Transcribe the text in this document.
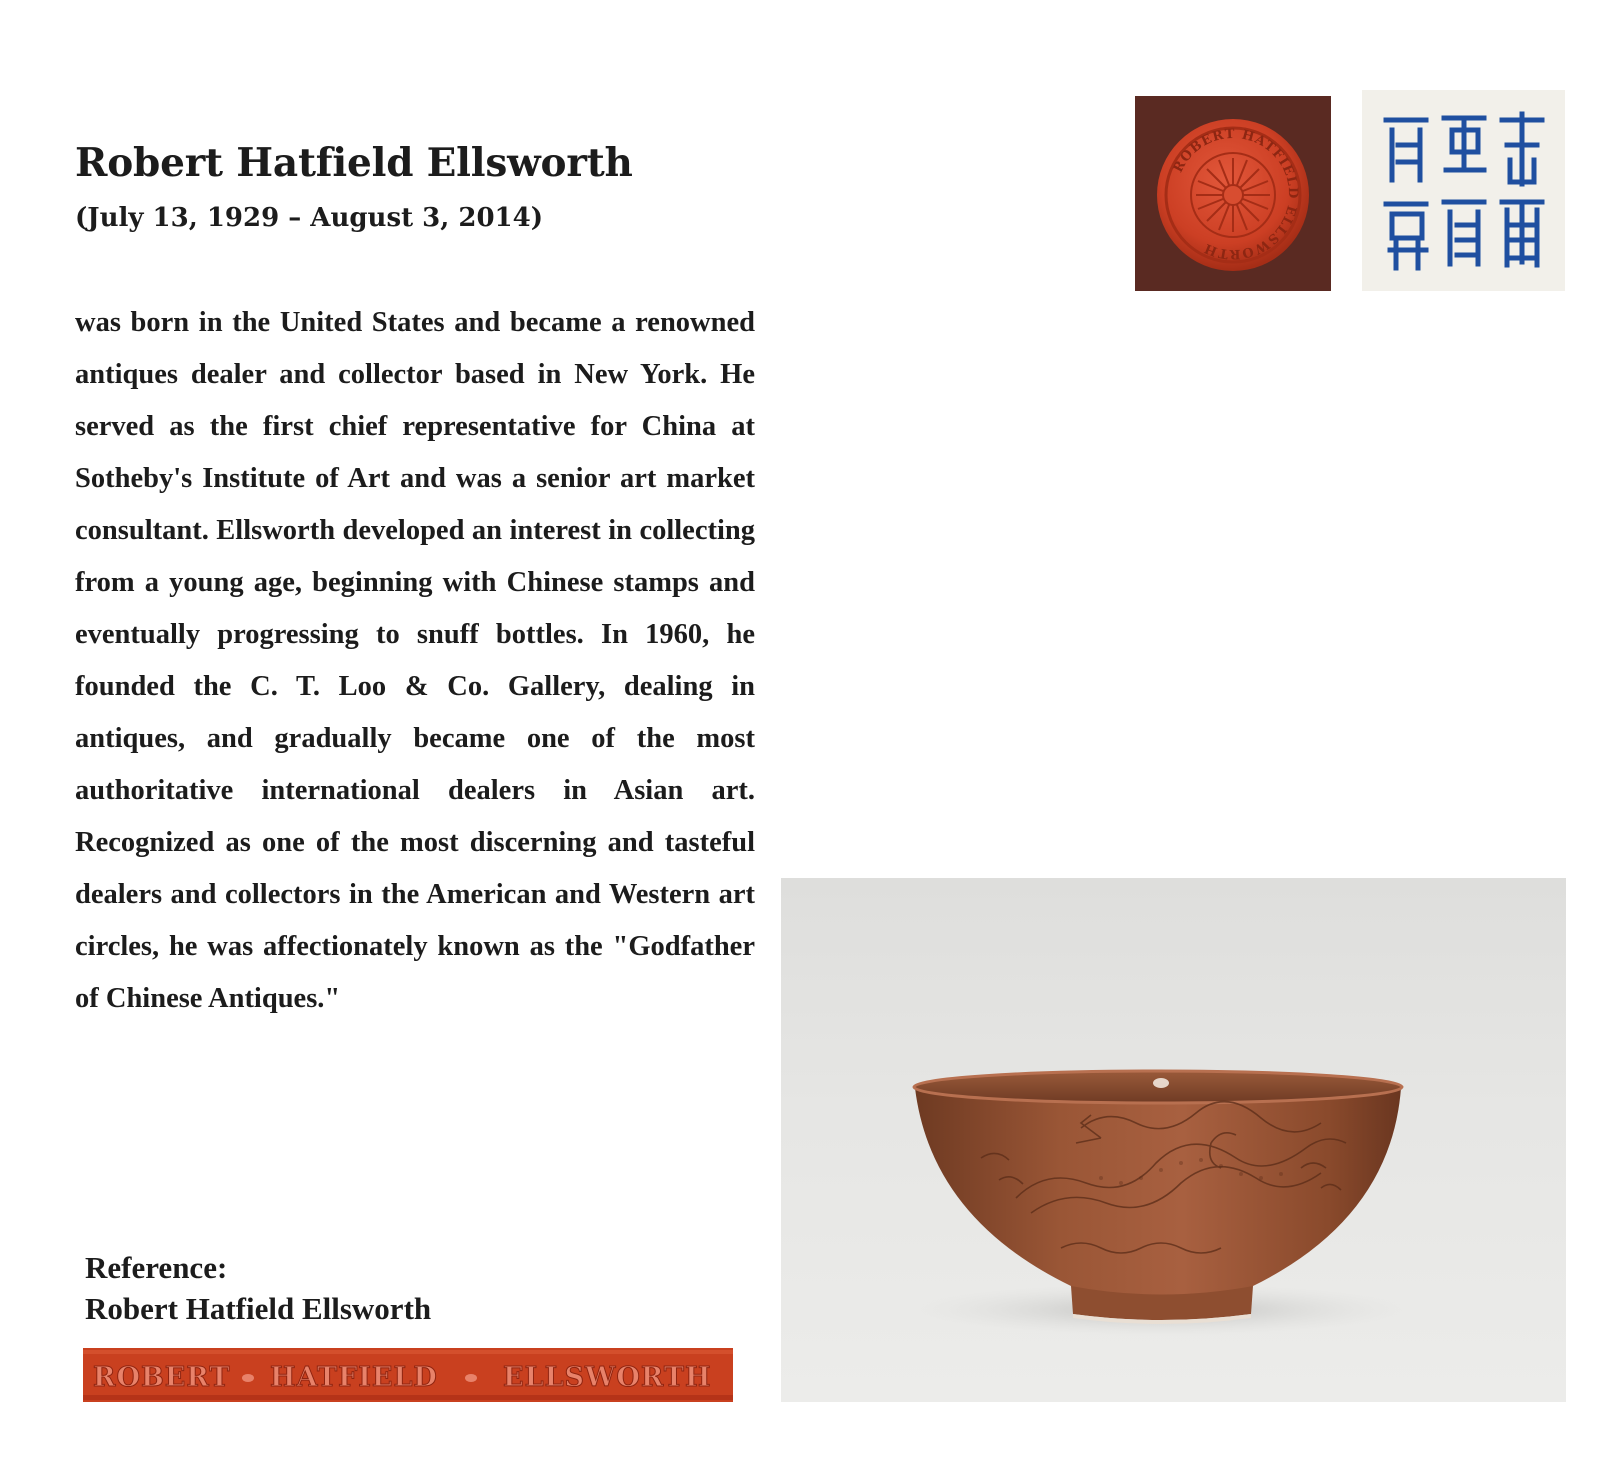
Robert Hatfield Ellsworth

(July 13, 1929 – August 3, 2014)

was born in the United States and became a renowned antiques dealer and collector based in New York. He served as the first chief representative for China at Sotheby's Institute of Art and was a senior art market consultant. Ellsworth developed an interest in collecting from a young age, beginning with Chinese stamps and eventually progressing to snuff bottles. In 1960, he founded the C. T. Loo & Co. Gallery, dealing in antiques, and gradually became one of the most authoritative international dealers in Asian art. Recognized as one of the most discerning and tasteful dealers and collectors in the American and Western art circles, he was affectionately known as the "Godfather of Chinese Antiques."

Reference:
Robert Hatfield Ellsworth
ROBERT HATFIELD ELLSWORTH
ROBERT HATFIELD ELLSWORTH
